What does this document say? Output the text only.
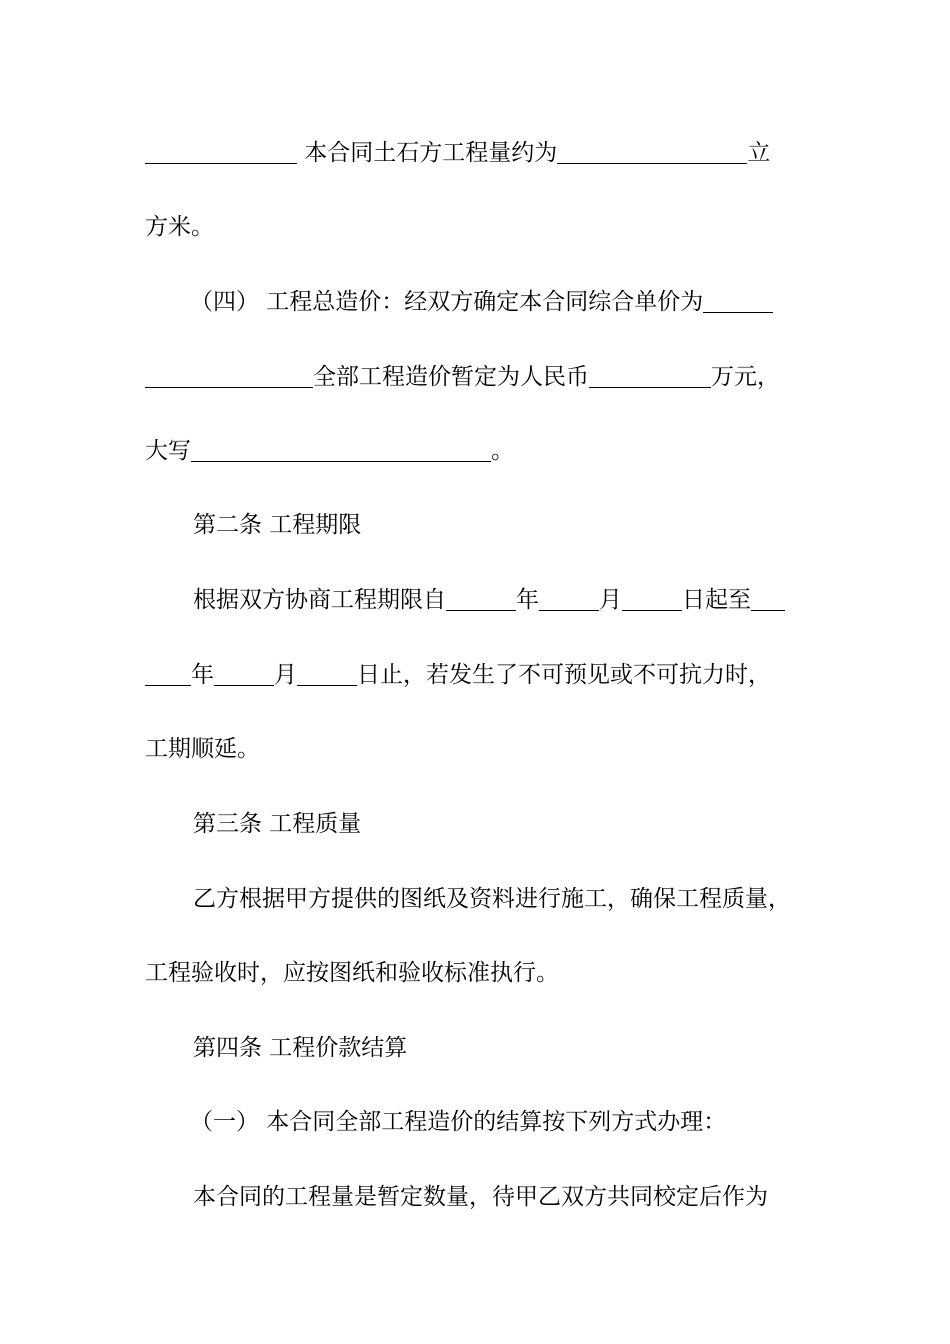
本合同土石方工程量约为	立
方米。
（四） 工程总造价：经双方确定本合同综合单价为
全部工程造价暂定为人民币	万元，
大写	。
第二条 工程期限
根据双方协商工程期限自	年	月	日起至
年	月	日止，若发生了不可预见或不可抗力时，
工期顺延。
第三条 工程质量
乙方根据甲方提供的图纸及资料进行施工，确保工程质量，
工程验收时，应按图纸和验收标准执行。
第四条 工程价款结算
（一） 本合同全部工程造价的结算按下列方式办理：
本合同的工程量是暂定数量，待甲乙双方共同校定后作为
